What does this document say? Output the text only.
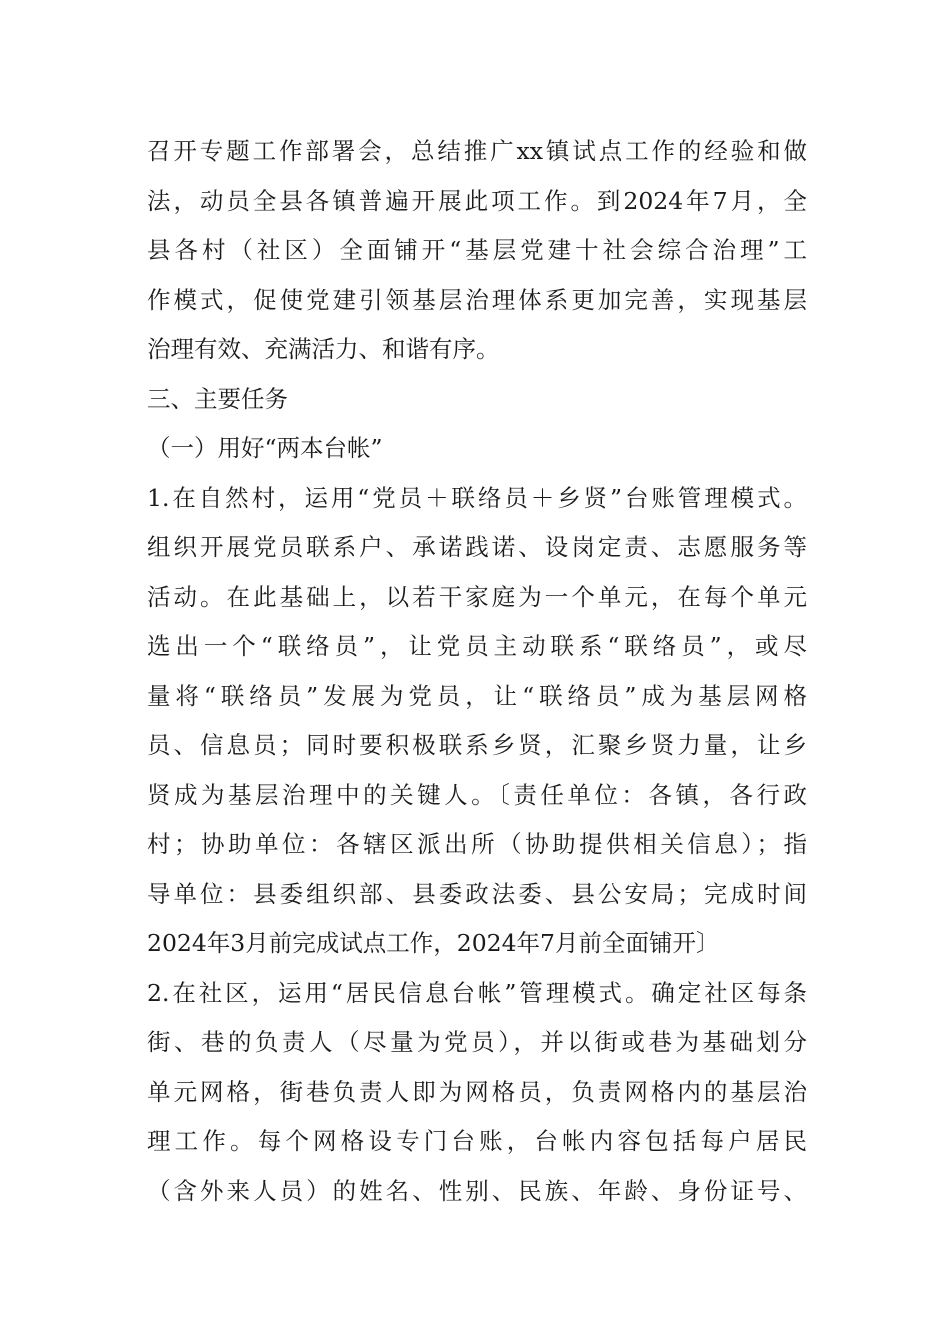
召开专题工作部署会，总结推广xx镇试点工作的经验和做
法，动员全县各镇普遍开展此项工作。到2024年7月，全
县各村（社区）全面铺开“基层党建十社会综合治理”工
作模式，促使党建引领基层治理体系更加完善，实现基层
治理有效、充满活力、和谐有序。
三、主要任务
（一）用好“两本台帐”
1.在自然村，运用“党员＋联络员＋乡贤”台账管理模式。
组织开展党员联系户、承诺践诺、设岗定责、志愿服务等
活动。在此基础上，以若干家庭为一个单元，在每个单元
选出一个“联络员”，让党员主动联系“联络员”，或尽
量将“联络员”发展为党员，让“联络员”成为基层网格
员、信息员；同时要积极联系乡贤，汇聚乡贤力量，让乡
贤成为基层治理中的关键人。〔责任单位：各镇，各行政
村；协助单位：各辖区派出所（协助提供相关信息）；指
导单位：县委组织部、县委政法委、县公安局；完成时间
2024年3月前完成试点工作，2024年7月前全面铺开〕
2.在社区，运用“居民信息台帐”管理模式。确定社区每条
街、巷的负责人（尽量为党员），并以街或巷为基础划分
单元网格，街巷负责人即为网格员，负责网格内的基层治
理工作。每个网格设专门台账，台帐内容包括每户居民
（含外来人员）的姓名、性别、民族、年龄、身份证号、
